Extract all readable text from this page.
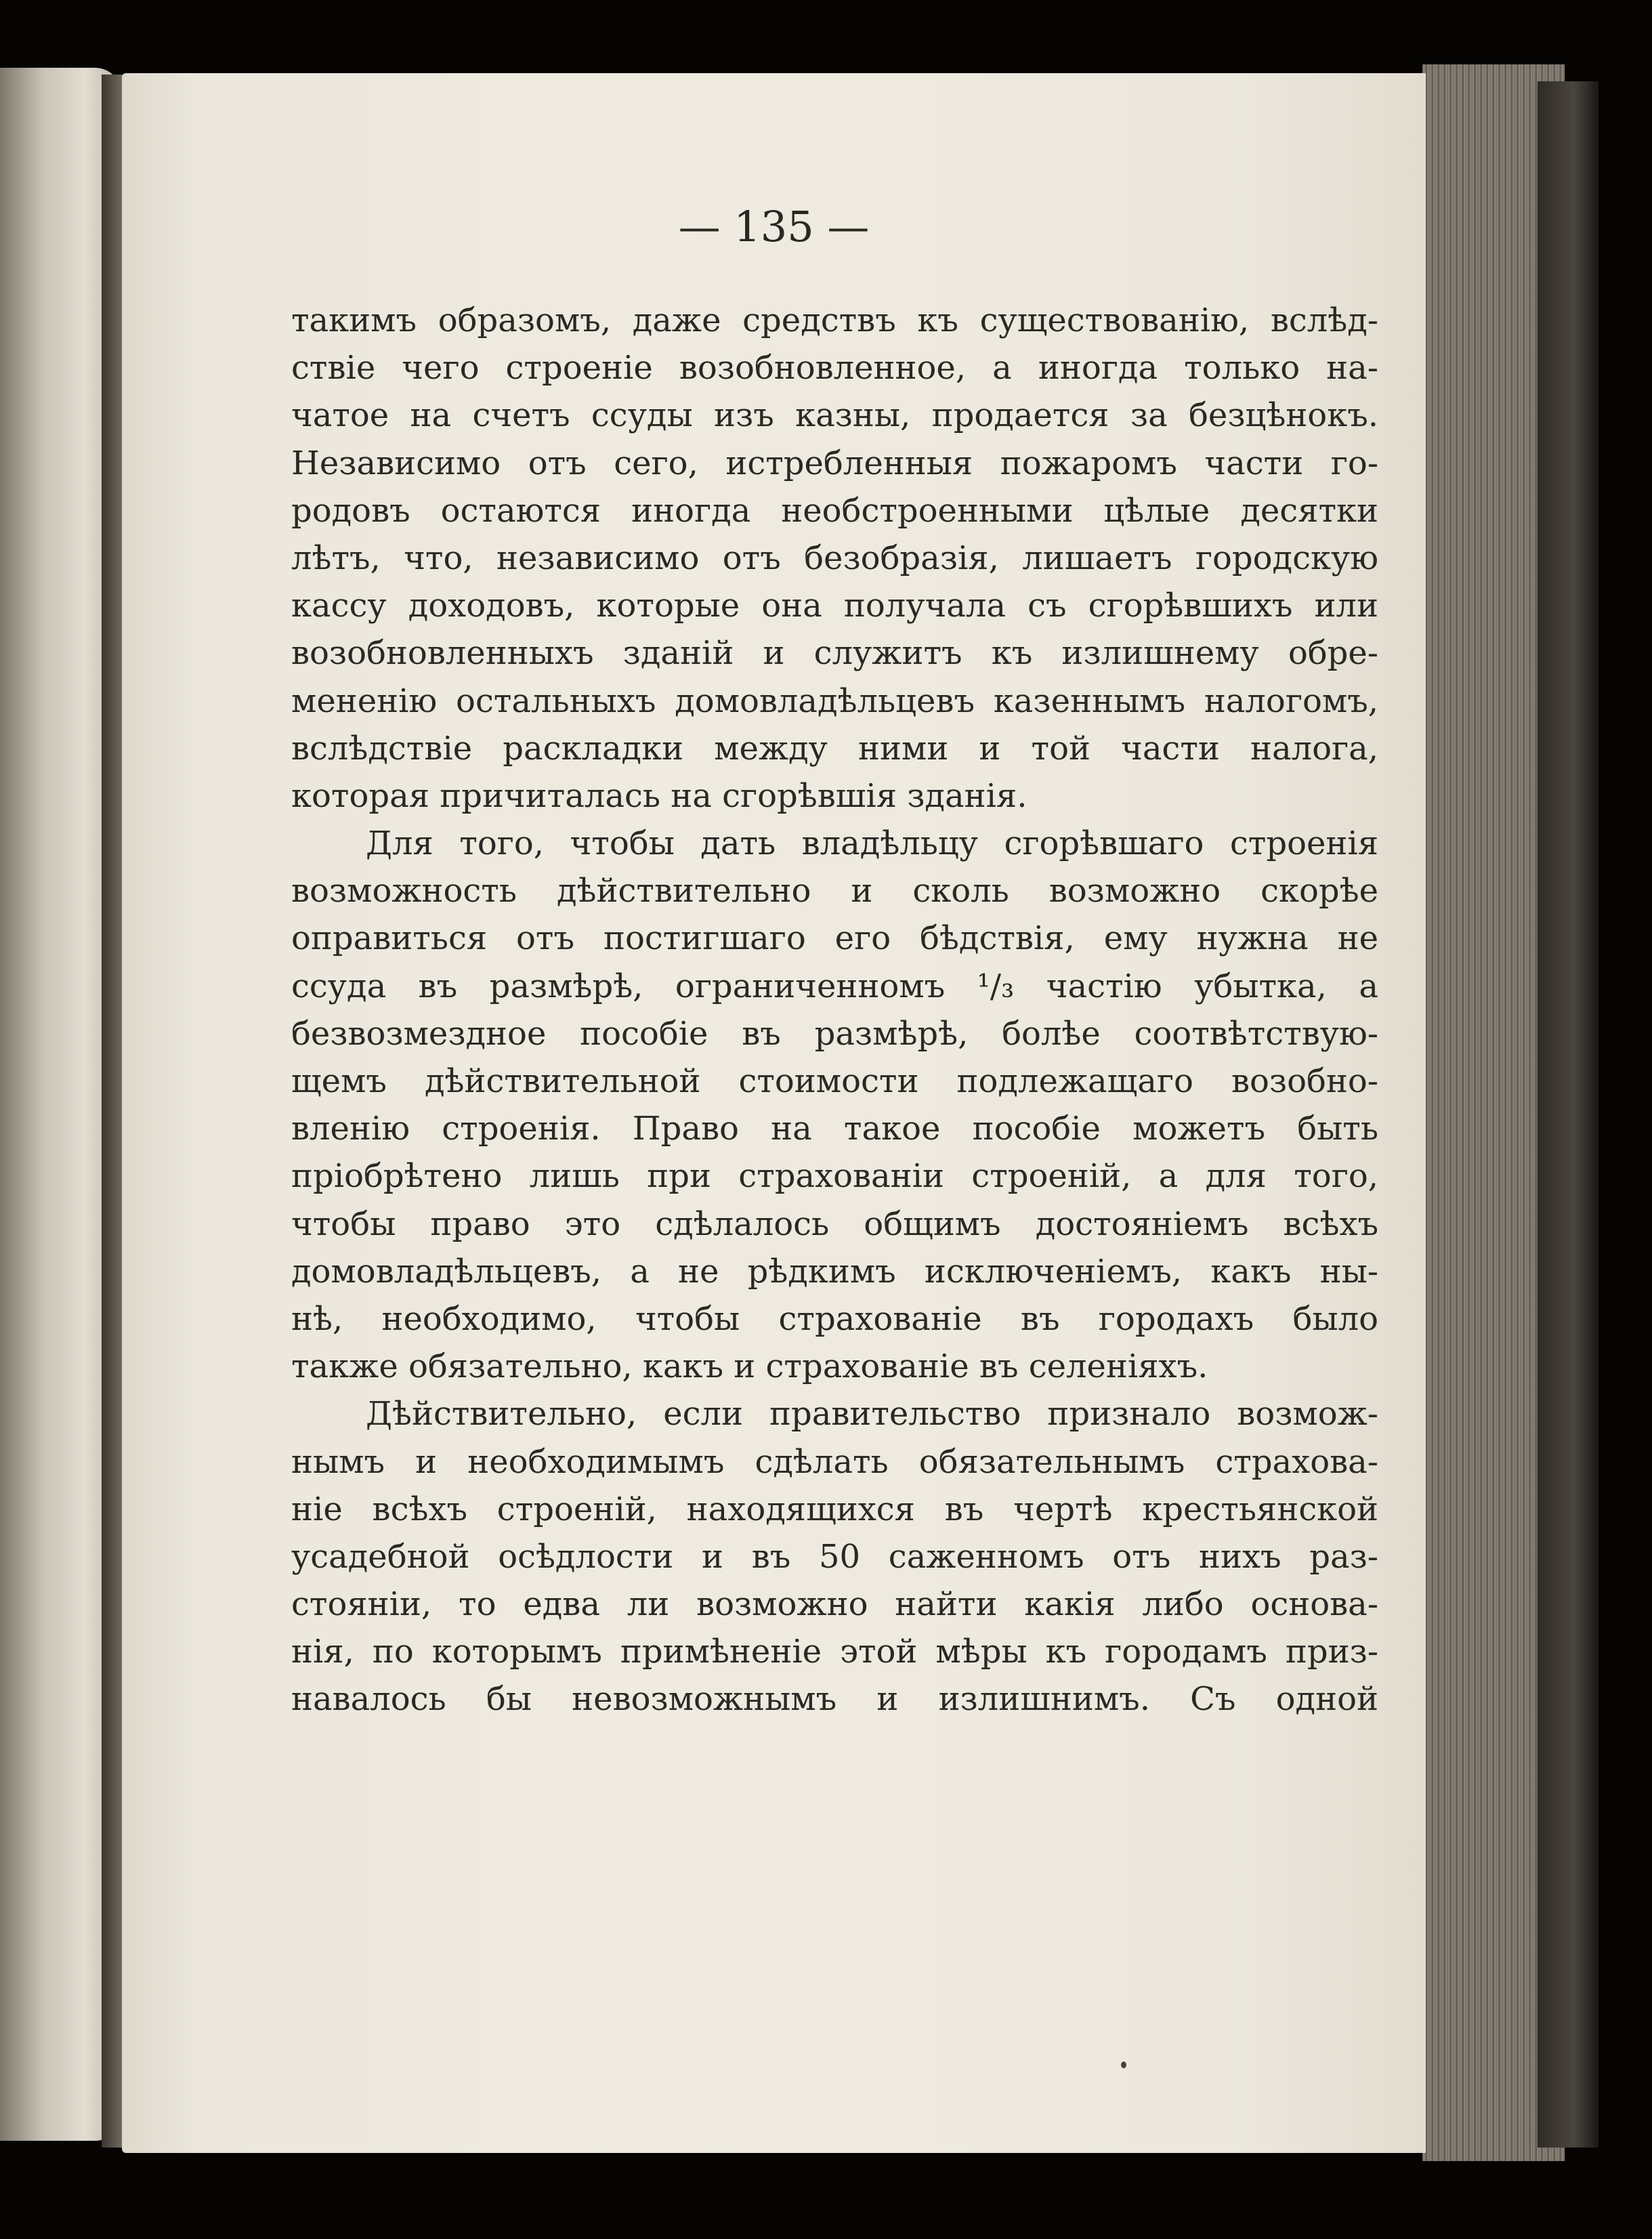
— 135 —
такимъ образомъ, даже средствъ къ существованiю, вслѣд-
ствiе чего строенiе возобновленное, а иногда только на-
чатое на счетъ ссуды изъ казны, продается за безцѣнокъ.
Независимо отъ сего, истребленныя пожаромъ части го-
родовъ остаются иногда необстроенными цѣлые десятки
лѣтъ, что, независимо отъ безобразiя, лишаетъ городскую
кассу доходовъ, которые она получала съ сгорѣвшихъ или
возобновленныхъ зданiй и служитъ къ излишнему обре-
мененiю остальныхъ домовладѣльцевъ казеннымъ налогомъ,
вслѣдствiе раскладки между ними и той части налога,
которая причиталась на сгорѣвшiя зданiя.
Для того, чтобы дать владѣльцу сгорѣвшаго строенiя
возможность дѣйствительно и сколь возможно скорѣе
оправиться отъ постигшаго его бѣдствiя, ему нужна не
ссуда въ размѣрѣ, ограниченномъ ¹/₃ частiю убытка, а
безвозмездное пособiе въ размѣрѣ, болѣе соотвѣтствую-
щемъ дѣйствительной стоимости подлежащаго возобно-
вленiю строенiя. Право на такое пособiе можетъ быть
прiобрѣтено лишь при страхованiи строенiй, а для того,
чтобы право это сдѣлалось общимъ достоянiемъ всѣхъ
домовладѣльцевъ, а не рѣдкимъ исключенiемъ, какъ ны-
нѣ, необходимо, чтобы страхованiе въ городахъ было
также обязательно, какъ и страхованiе въ селенiяхъ.
Дѣйствительно, если правительство признало возмож-
нымъ и необходимымъ сдѣлать обязательнымъ страхова-
нiе всѣхъ строенiй, находящихся въ чертѣ крестьянской
усадебной осѣдлости и въ 50 саженномъ отъ нихъ раз-
стоянiи, то едва ли возможно найти какiя либо основа-
нiя, по которымъ примѣненiе этой мѣры къ городамъ приз-
навалось бы невозможнымъ и излишнимъ. Съ одной
